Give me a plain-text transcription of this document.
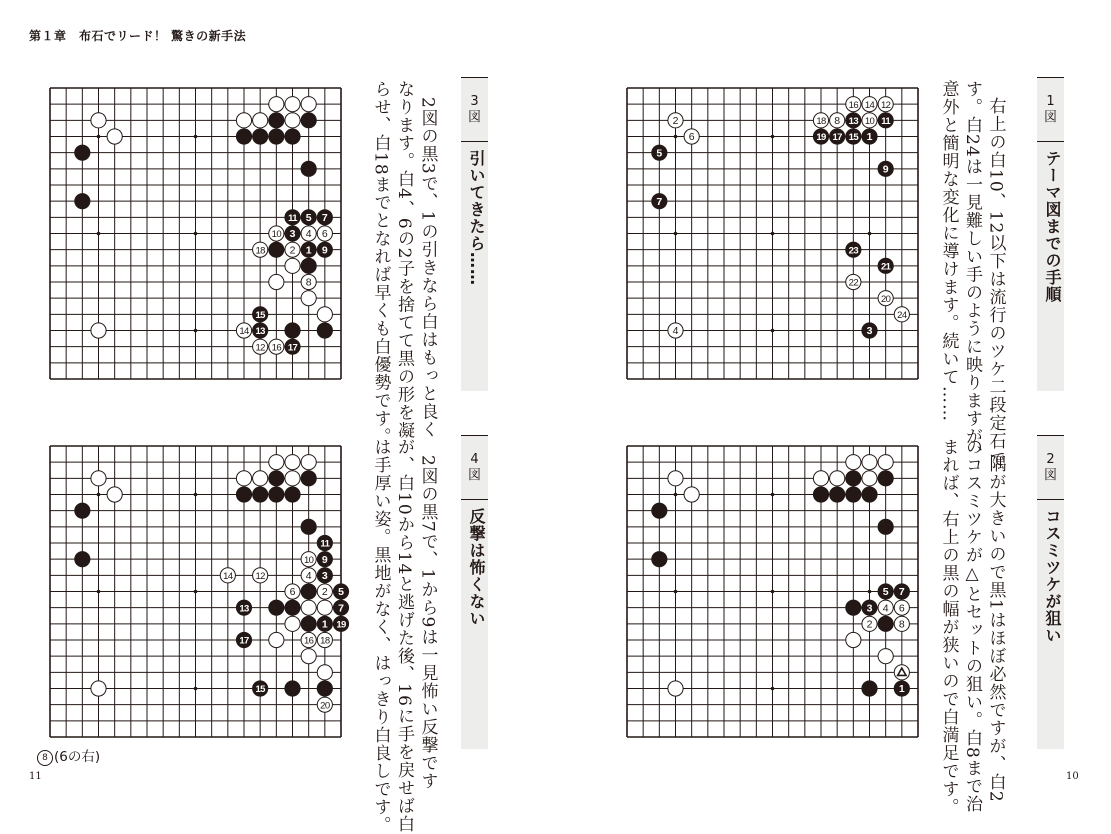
第１章　布石でリード！ 驚きの新手法
2
6
5
7
4
16 14 12
18 8 13 10 11
19 17 15 1
9
23
21
22
20
24
3
1
図
テーマ図までの手順
右上の白10、12以下は流行のツケ二段定石で
す。白24は一見難しい手のように映りますが、
意外と簡明な変化に導けます。続いて……
5 7
3 4 6
2	8
1
2
図
コスミツケが狙い
隅が大きいので黒1はほぼ必然ですが、白2
のコスミツケが△とセットの狙い。白8まで治
まれば、右上の黒の幅が狭いので白満足です。
11 5 7
10 3 4 6
18 2 1 9
8
15
14 13
12 16 17
3
図
引いてきたら……
2図の黒3で、1の引きなら白はもっと良く
なります。白4、6の2子を捨てて黒の形を凝
らせ、白18までとなれば早くも白優勢です。
11
10 9
14 12	4 3
6	2 5
13	7
1 19
17	16 18
15
20
4
図
反撃は怖くない
2図の黒7で、1から9は一見怖い反撃です
が、白10から14と逃げた後、16に手を戻せば白
は手厚い姿。黒地がなく、はっきり白良しです。
8 (6の右)
11	10
